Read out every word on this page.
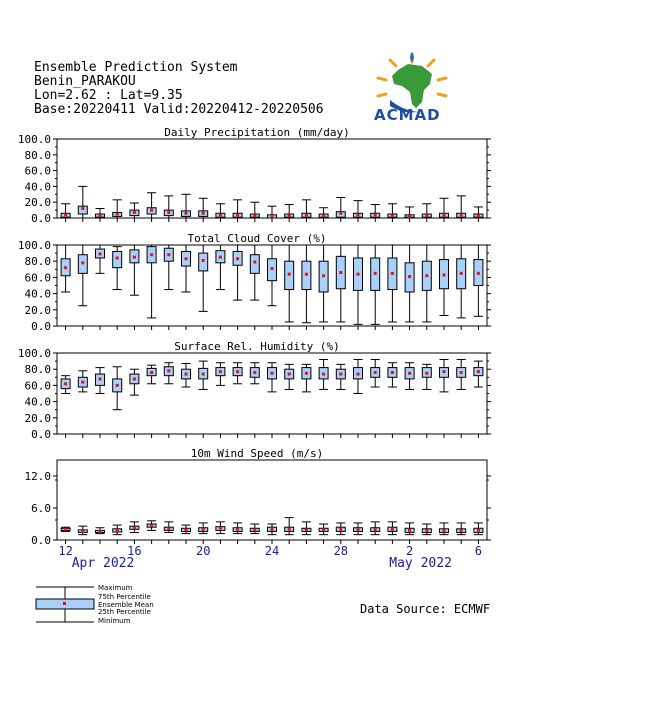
Ensemble Prediction System
Benin_PARAKOU
Lon=2.62 : Lat=9.35
Base:20220411 Valid:20220412-20220506	ACMAD
0.0
20.0
40.0
60.0
80.0
100.0
Daily Precipitation (mm/day)
0.0
20.0
40.0
60.0
80.0
100.0
Total Cloud Cover (%)
0.0
20.0
40.0
60.0
80.0
100.0
Surface Rel. Humidity (%)
0.0
6.0
12.0
10m Wind Speed (m/s)
12	16	20	24	28	2	6
Apr 2022	May 2022
Maximum
75th Percentile
Ensemble Mean
25th Percentile
Minimum
Data Source: ECMWF
